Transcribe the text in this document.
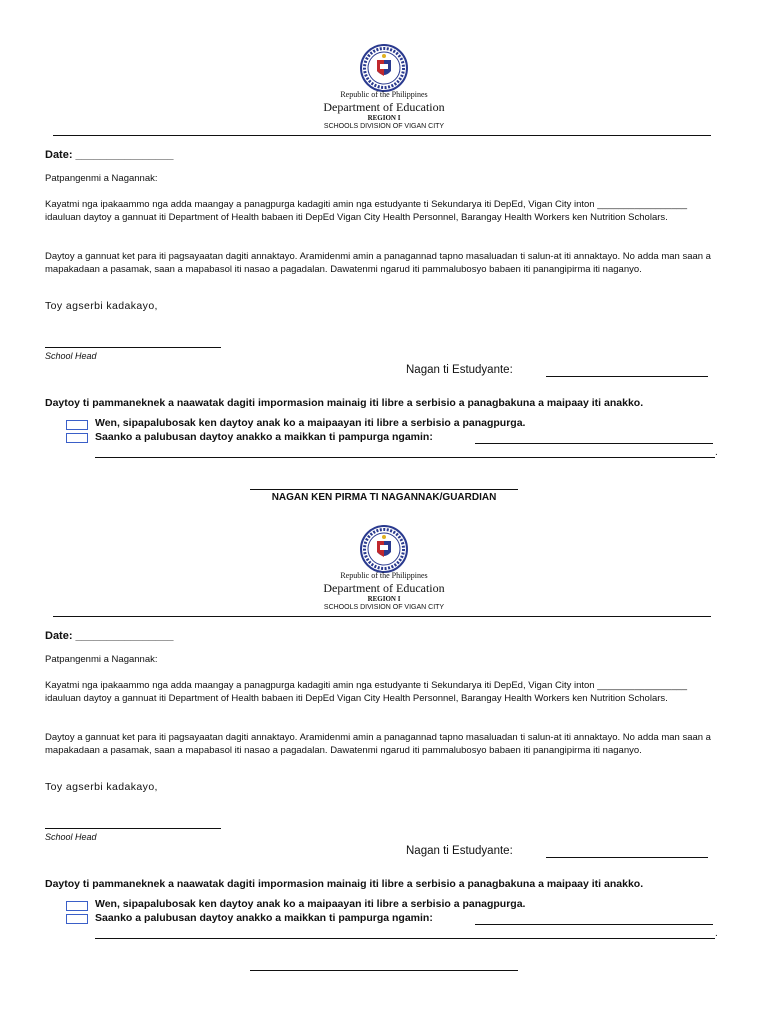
Republic of the Philippines
Department of Education
REGION I
SCHOOLS DIVISION OF VIGAN CITY
Date: ________________
Patpangenmi a Nagannak:
Kayatmi nga ipakaammo nga adda maangay a panagpurga kadagiti amin nga estudyante ti Sekundarya iti DepEd, Vigan City inton _________________ idauluan daytoy a gannuat iti Department of Health babaen iti DepEd Vigan City Health Personnel, Barangay Health Workers ken Nutrition Scholars.
Daytoy a gannuat ket para iti pagsayaatan dagiti annaktayo. Aramidenmi amin a panagannad tapno masaluadan ti salun-at iti annaktayo. No adda man saan a mapakadaan a pasamak, saan a mapabasol iti nasao a pagadalan. Dawatenmi ngarud iti pammalubosyo babaen iti panangipirma iti naganyo.
Toy agserbi kadakayo,
School Head
Nagan ti Estudyante:
Daytoy ti pammaneknek a naawatak dagiti impormasion mainaig iti libre a serbisio a panagbakuna a maipaay iti anakko.
Wen, sipapalubosak ken daytoy anak ko a maipaayan iti libre a serbisio a panagpurga.
Saanko a palubusan daytoy anakko a maikkan ti pampurga ngamin:
.
NAGAN KEN PIRMA TI NAGANNAK/GUARDIAN
Republic of the Philippines
Department of Education
REGION I
SCHOOLS DIVISION OF VIGAN CITY
Date: ________________
Patpangenmi a Nagannak:
Kayatmi nga ipakaammo nga adda maangay a panagpurga kadagiti amin nga estudyante ti Sekundarya iti DepEd, Vigan City inton _________________ idauluan daytoy a gannuat iti Department of Health babaen iti DepEd Vigan City Health Personnel, Barangay Health Workers ken Nutrition Scholars.
Daytoy a gannuat ket para iti pagsayaatan dagiti annaktayo. Aramidenmi amin a panagannad tapno masaluadan ti salun-at iti annaktayo. No adda man saan a mapakadaan a pasamak, saan a mapabasol iti nasao a pagadalan. Dawatenmi ngarud iti pammalubosyo babaen iti panangipirma iti naganyo.
Toy agserbi kadakayo,
School Head
Nagan ti Estudyante:
Daytoy ti pammaneknek a naawatak dagiti impormasion mainaig iti libre a serbisio a panagbakuna a maipaay iti anakko.
Wen, sipapalubosak ken daytoy anak ko a maipaayan iti libre a serbisio a panagpurga.
Saanko a palubusan daytoy anakko a maikkan ti pampurga ngamin:
.
